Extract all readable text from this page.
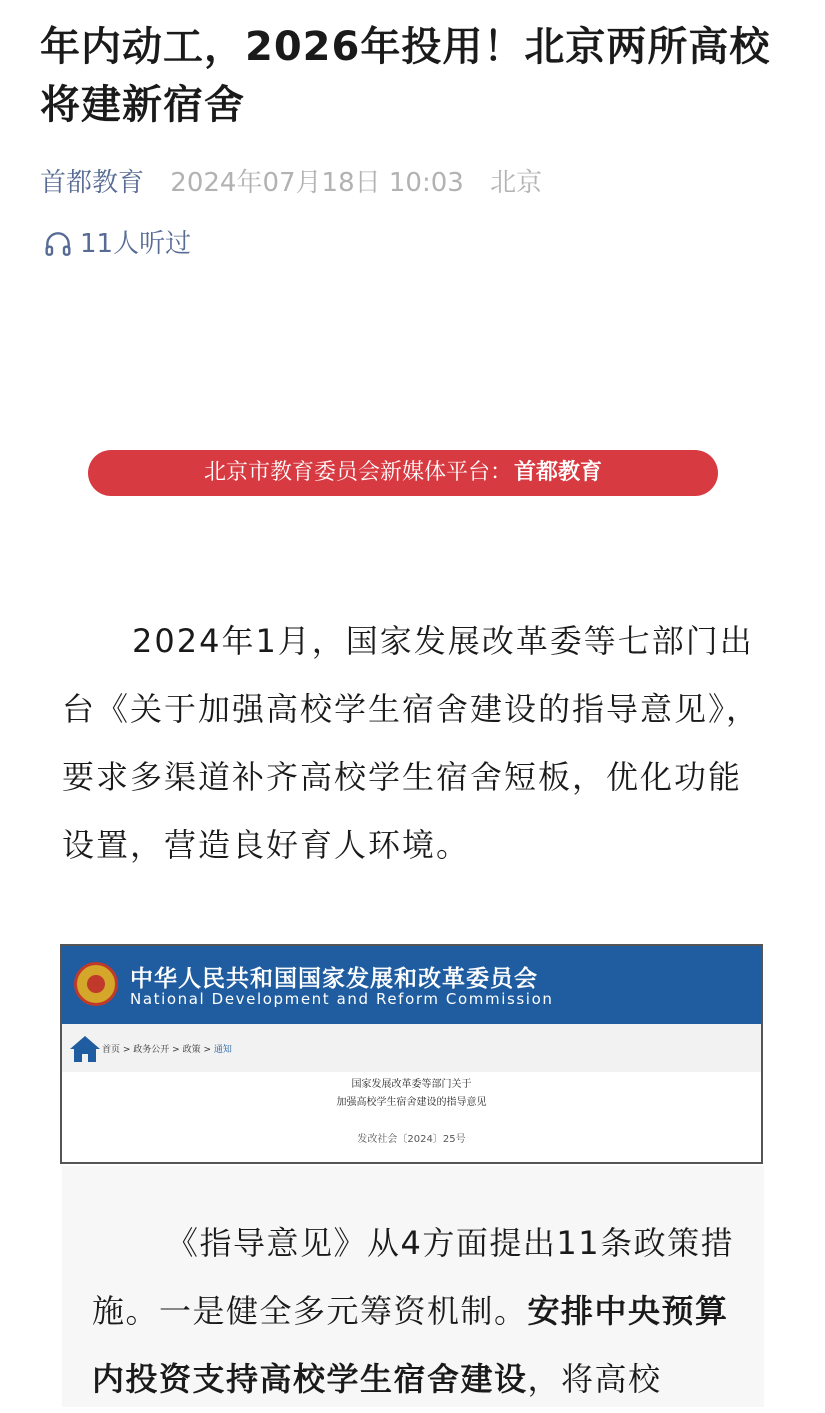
年内动工，2026年投用！北京两所高校将建新宿舍
首都教育 2024年07月18日 10:03 北京
11人听过
北京市教育委员会新媒体平台：首都教育

2024年1月，国家发展改革委等七部门出台《关于加强高校学生宿舍建设的指导意见》，要求多渠道补齐高校学生宿舍短板，优化功能设置，营造良好育人环境。

中华人民共和国国家发展和改革委员会
National Development and Reform Commission
首页 > 政务公开 > 政策 > 通知
国家发展改革委等部门关于
加强高校学生宿舍建设的指导意见
发改社会〔2024〕25号

《指导意见》从4方面提出11条政策措施。一是健全多元筹资机制。安排中央预算内投资支持高校学生宿舍建设，将高校
